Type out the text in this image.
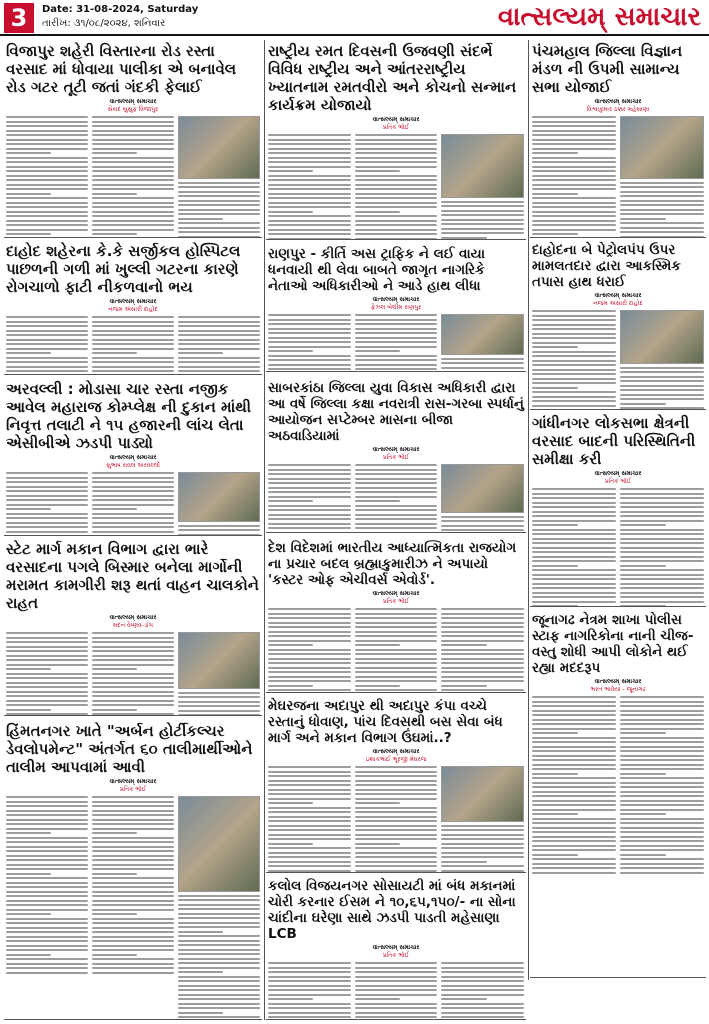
3	Date: 31-08-2024, Saturday
તારીખ: ૩૧/૦૮/૨૦૨૪, શનિવાર	વાત્સલ્યમ્ સમાચાર
વિજાપુર શહેરી વિસ્તારના રોડ રસ્તા વરસાદ માં ધોવાયા પાલીકા એ બનાવેલ રોડ ગટર તૂટી જતાં ગંદકી ફેલાઈ
વાત્સલ્યમ્ સમાચાર
સૈયદ યુસુફ વિજાપુર
રાષ્ટ્રીય રમત દિવસની ઉજવણી સંદર્ભે વિવિધ રાષ્ટ્રીય અને આંતરરાષ્ટ્રીય ખ્યાતનામ રમતવીરો અને કોચનો સન્માન કાર્યક્રમ યોજાયો
વાત્સલ્યમ્ સમાચાર
પ્રતિક ભોઈ
પંચમહાલ જિલ્લા વિજ્ઞાન મંડળ ની ઉપમી સામાન્ય સભા યોજાઈ
વાત્સલ્યમ્ સમાચાર
વિશ્વાકુમાર ઠક્કર મહેસાણા
દાહોદ શહેરના કે.કે સર્જીકલ હોસ્પિટલ પાછળની ગળી માં ખુલ્લી ગટરના કારણે રોગચાળો ફાટી નીકળવાનો ભય
વાત્સલ્યમ્ સમાચાર
નજમ અંસારી દાહોદ
રાણપુર - કીર્તિ અસ ટ્રાફિક ને લઈ વાયા ધનવાયી થી લેવા બાબતે જાગૃત નાગરિકે નેતાઓ અધિકારીઓ ને આડે હાથ લીધા
વાત્સલ્યમ્ સમાચાર
ફૈઝલ બેલીમ રાણપુર
દાહોદના બે પેટ્રોલપંપ ઉપર મામલતદાર દ્વારા આકસ્મિક તપાસ હાથ ધરાઈ
વાત્સલ્યમ્ સમાચાર
નજમ અંસારી દાહોદ
અરવલ્લી : મોડાસા ચાર રસ્તા નજીક આવેલ મહારાજ કોમ્પ્લેક્ષ ની દુકાન માંથી નિવૃત્ત તલાટી ને ૧૫ હજારની લાંચ લેતા એસીબીએ ઝડપી પાડ્યો
વાત્સલ્યમ્ સમાચાર
સુભાષ રાવલ અરવલ્લી
સાબરકાંઠા જિલ્લા યુવા વિકાસ અધિકારી દ્વારા આ વર્ષે જિલ્લા કક્ષા નવરાત્રી રાસ-ગરબા સ્પર્ધાનું આયોજન સપ્ટેમ્બર માસના બીજા અઠવાડિયામાં
વાત્સલ્યમ્ સમાચાર
પ્રતિક ભોઈ
સ્ટેટ માર્ગ મકાન વિભાગ દ્વારા ભારે વરસાદના પગલે બિસ્માર બનેલા માર્ગોની મરામત કામગીરી શરૂ થતાં વાહન ચાલકોને રાહત
વાત્સલ્યમ્ સમાચાર
મદન વૈષ્ણવ-ડાંગ
દેશ વિદેશમાં ભારતીય આધ્યાત્મિકતા રાજયોગ ના પ્રચાર બદલ બ્રહ્માકુમારીઝ ને અપાયો 'કસ્ટર ઓફ એચીવર્સ એવોર્ડ'.
વાત્સલ્યમ્ સમાચાર
પ્રતિક ભોઈ
ગાંધીનગર લોકસભા ક્ષેત્રની વરસાદ બાદની પરિસ્થિતિની સમીક્ષા કરી
વાત્સલ્યમ્ સમાચાર
પ્રતિક ભોઈ
મેઘરજના અદાપુર થી અદાપુર કંપા વચ્ચે રસ્તાનું ધોવાણ, પાંચ દિવસથી બસ સેવા બંધ માર્ગ અને મકાન વિભાગ ઉંઘમાં..?
વાત્સલ્યમ્ સમાચાર
ઇશાકભાઈ ભૂરજી મેઘરજ
જૂનાગઢ નેત્રમ શાખા પોલીસ સ્ટાફ નાગરિકોના નાની ચીજ-વસ્તુ શોધી આપી લોકોને થઈ રહ્યા મદદરૂપ
વાત્સલ્યમ્ સમાચાર
ભરત ભાવેયા - જૂનાગઢ
હિંમતનગર ખાતે "અર્બન હોર્ટીકલ્ચર ડેવલોપમેન્ટ" અંતર્ગત ૬૦ તાલીમાર્થીઓને તાલીમ આપવામાં આવી
વાત્સલ્યમ્ સમાચાર
પ્રતિક ભોઈ
કલોલ વિજયનગર સોસાયટી માં બંધ મકાનમાં ચોરી કરનાર ઈસમ ને ૧૦,૬૫,૧૫૦/- ના સોના ચાંદીના ઘરેણા સાથે ઝડપી પાડતી મહેસાણા LCB
વાત્સલ્યમ્ સમાચાર
પ્રતિક ભોઈ
